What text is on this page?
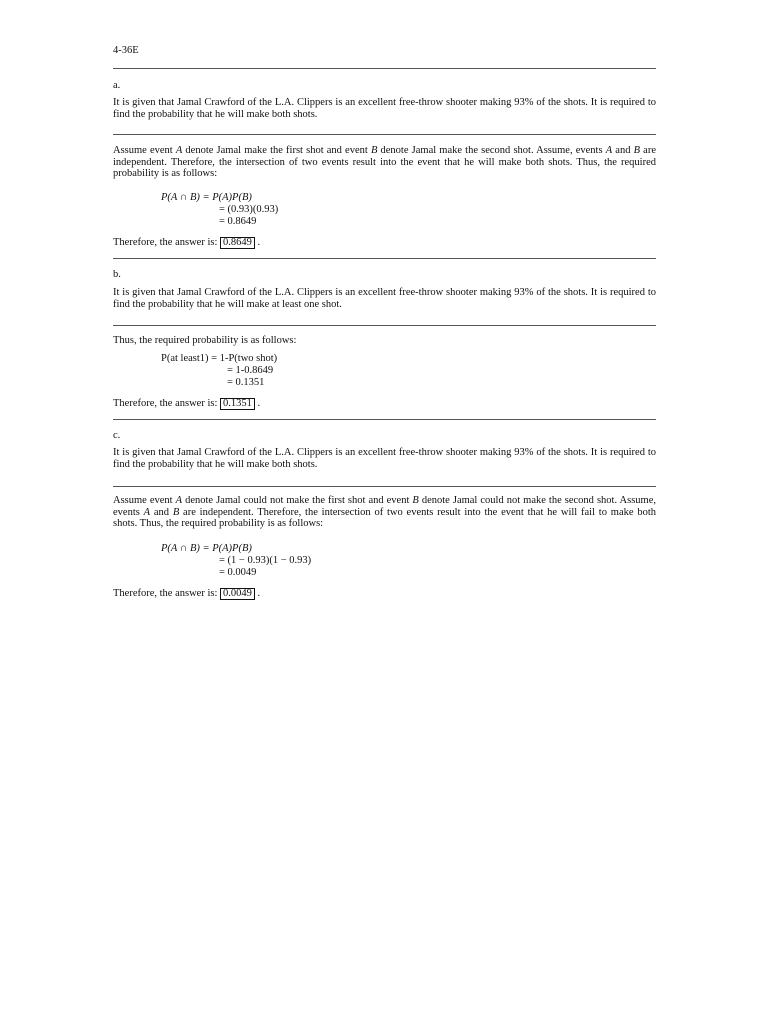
4-36E

a.

It is given that Jamal Crawford of the L.A. Clippers is an excellent free-throw shooter making 93% of the shots. It is required to find the probability that he will make both shots.

Assume event A denote Jamal make the first shot and event B denote Jamal make the second shot. Assume, events A and B are independent. Therefore, the intersection of two events result into the event that he will make both shots. Thus, the required probability is as follows:

P(A ∩ B) = P(A)P(B)
= (0.93)(0.93)
= 0.8649
Therefore, the answer is: 0.8649 .

b.

It is given that Jamal Crawford of the L.A. Clippers is an excellent free-throw shooter making 93% of the shots. It is required to find the probability that he will make at least one shot.

Thus, the required probability is as follows:

P(at least1) = 1-P(two shot)
= 1-0.8649
= 0.1351
Therefore, the answer is: 0.1351 .

c.

It is given that Jamal Crawford of the L.A. Clippers is an excellent free-throw shooter making 93% of the shots. It is required to find the probability that he will make both shots.

Assume event A denote Jamal could not make the first shot and event B denote Jamal could not make the second shot. Assume, events A and B are independent. Therefore, the intersection of two events result into the event that he will fail to make both shots. Thus, the required probability is as follows:

P(A ∩ B) = P(A)P(B)
= (1 − 0.93)(1 − 0.93)
= 0.0049
Therefore, the answer is: 0.0049 .
